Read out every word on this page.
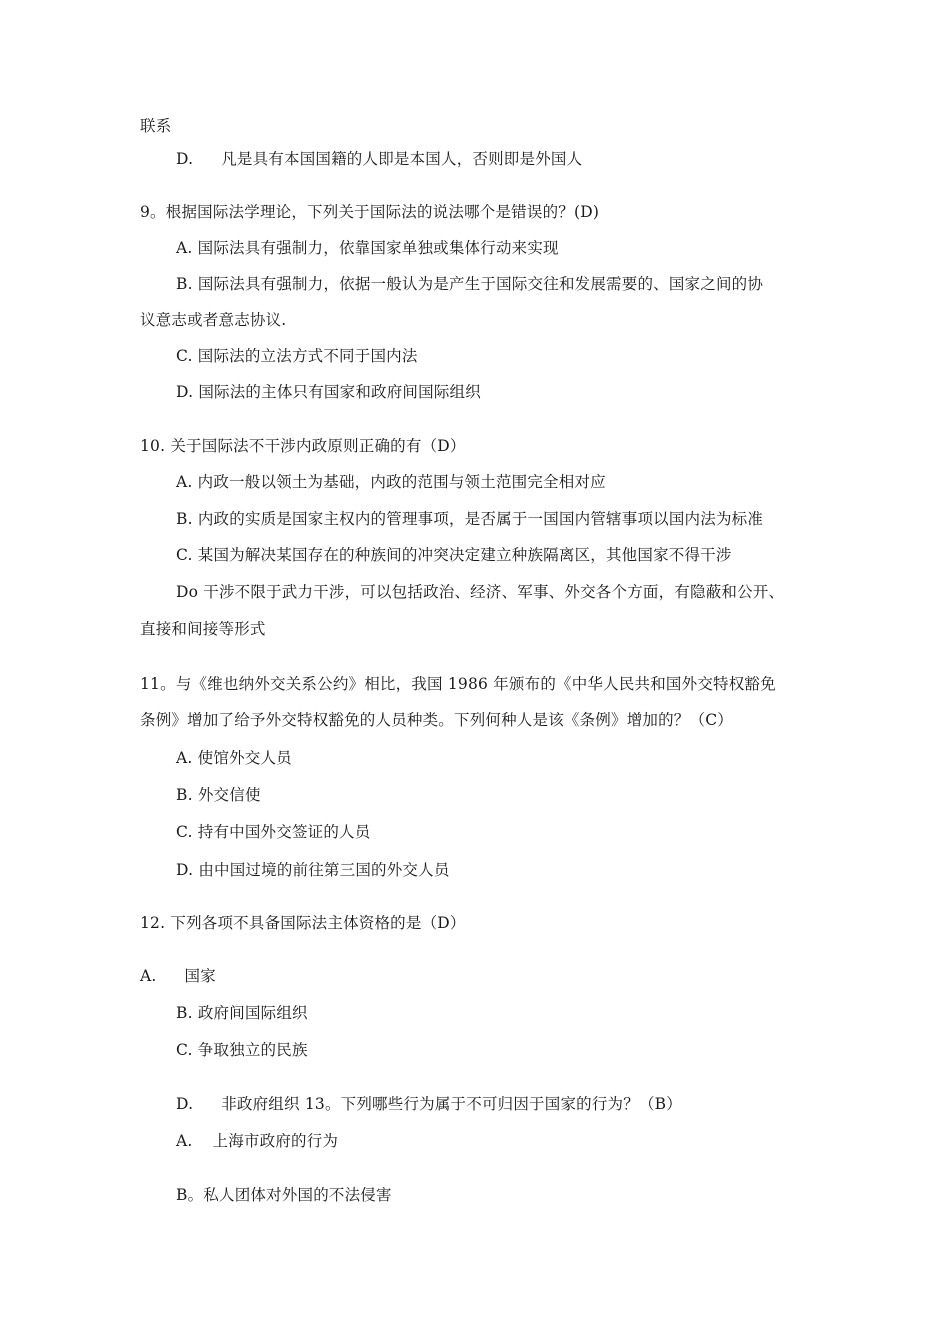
联系
D. 凡是具有本国国籍的人即是本国人，否则即是外国人
9。根据国际法学理论，下列关于国际法的说法哪个是错误的？(D)
A. 国际法具有强制力，依靠国家单独或集体行动来实现
B. 国际法具有强制力，依据一般认为是产生于国际交往和发展需要的、国家之间的协
议意志或者意志协议.
C. 国际法的立法方式不同于国内法
D. 国际法的主体只有国家和政府间国际组织
10. 关于国际法不干涉内政原则正确的有（D）
A. 内政一般以领土为基础，内政的范围与领土范围完全相对应
B. 内政的实质是国家主权内的管理事项，是否属于一国国内管辖事项以国内法为标准
C. 某国为解决某国存在的种族间的冲突决定建立种族隔离区，其他国家不得干涉
Do 干涉不限于武力干涉，可以包括政治、经济、军事、外交各个方面，有隐蔽和公开、
直接和间接等形式
11。与《维也纳外交关系公约》相比，我国 1986 年颁布的《中华人民共和国外交特权豁免
条例》增加了给予外交特权豁免的人员种类。下列何种人是该《条例》增加的？（C）
A. 使馆外交人员
B. 外交信使
C. 持有中国外交签证的人员
D. 由中国过境的前往第三国的外交人员
12. 下列各项不具备国际法主体资格的是（D）
A. 国家
B. 政府间国际组织
C. 争取独立的民族
D. 非政府组织 13。下列哪些行为属于不可归因于国家的行为？（B）
A. 上海市政府的行为
B。私人团体对外国的不法侵害
